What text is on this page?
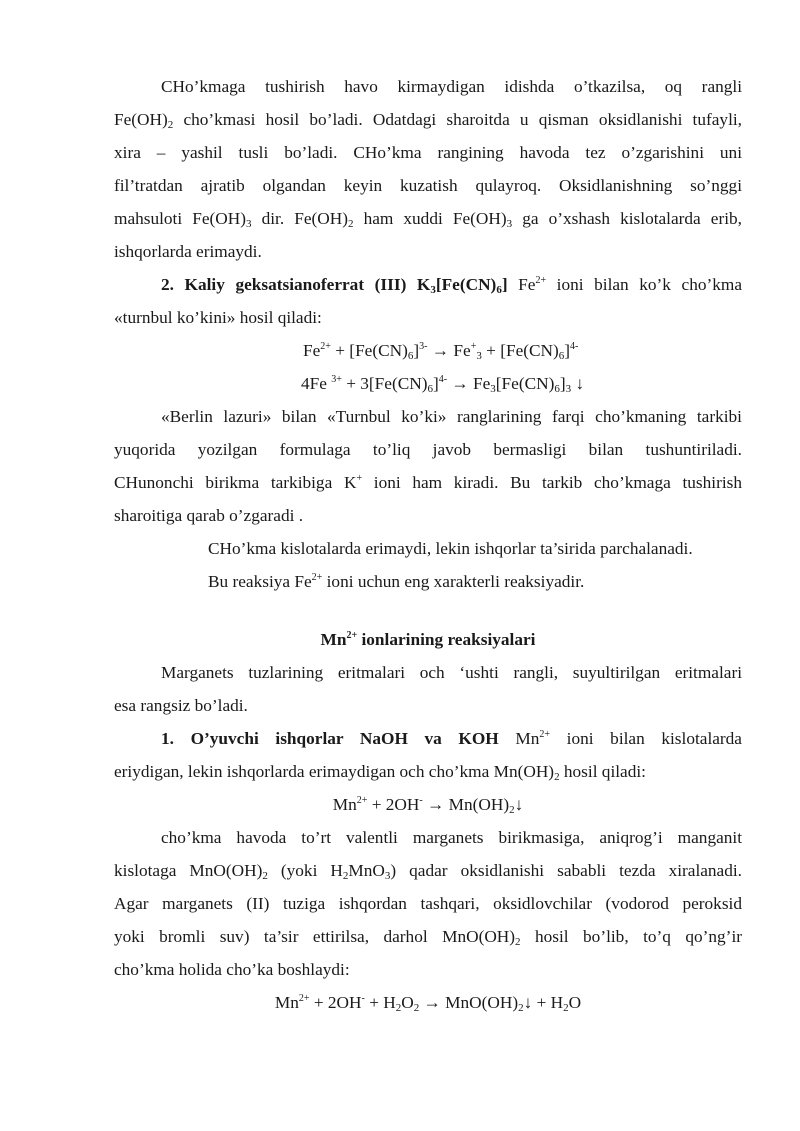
CHo’kmaga tushirish havo kirmaydigan idishda o’tkazilsa, oq rangli
$Fe(OH)_2$ cho’kmasi hosil bo’ladi. Odatdagi sharoitda u qisman oksidlanishi tufayli,
xira – yashil tusli bo’ladi. CHo’kma rangining havoda tez o’zgarishini uni
fil’tratdan ajratib olgandan keyin kuzatish qulayroq. Oksidlanishning so’nggi
mahsuloti $Fe(OH)_3$ dir. $Fe(OH)_2$ ham xuddi $Fe(OH)_3$ ga o’xshash kislotalarda erib,
ishqorlarda erimaydi.
2. Kaliy geksatsianoferrat (III) $K_3[Fe(CN)_6]$ $Fe^{2+}$ ioni bilan ko’k cho’kma
«turnbul ko’kini» hosil qiladi:
$Fe^{2+} + [Fe(CN)_6]^{3-} \to Fe^+_3 + [Fe(CN)_6]^{4-}$
4Fe $^{3+} + 3[Fe(CN)_6]^{4-} \to Fe_3[Fe(CN)_6]_3$ ↓
«Berlin lazuri» bilan «Turnbul ko’ki» ranglarining farqi cho’kmaning tarkibi
yuqorida yozilgan formulaga to’liq javob bermasligi bilan tushuntiriladi.
CHunonchi birikma tarkibiga K+ ioni ham kiradi. Bu tarkib cho’kmaga tushirish
sharoitiga qarab o’zgaradi .
CHo’kma kislotalarda erimaydi, lekin ishqorlar ta’sirida parchalanadi.
Bu reaksiya $Fe^{2+}$ ioni uchun eng xarakterli reaksiyadir.
$Mn^{2+}$ ionlarining reaksiyalari
Marganets tuzlarining eritmalari och ‘ushti rangli, suyultirilgan eritmalari
esa rangsiz bo’ladi.
1. O’yuvchi ishqorlar NaOH va KOH $Mn^{2+}$ ioni bilan kislotalarda
eriydigan, lekin ishqorlarda erimaydigan och cho’kma $Mn(OH)_2$ hosil qiladi:
$Mn^{2+} + 2OH^-$ → $Mn(OH)_2↓$
cho’kma havoda to’rt valentli marganets birikmasiga, aniqrog’i manganit
kislotaga $MnO(OH)_2$ (yoki $H_2MnO_3$) qadar oksidlanishi sababli tezda xiralanadi.
Agar marganets (II) tuziga ishqordan tashqari, oksidlovchilar (vodorod peroksid
yoki bromli suv) ta’sir ettirilsa, darhol $MnO(OH)_2$ hosil bo’lib, to’q qo’ng’ir
cho’kma holida cho’ka boshlaydi:
$Mn^{2+} + 2OH^- + H_2O_2$ → $MnO(OH)_2↓ + H_2O$
